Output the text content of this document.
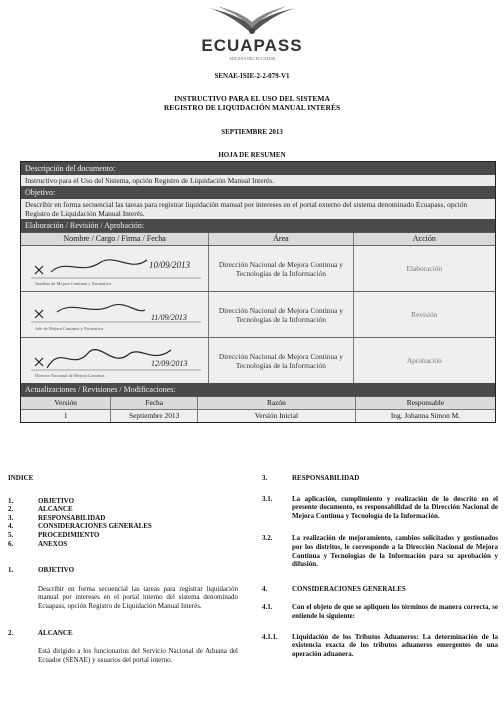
ECUAPASS
ADUANA DEL ECUADOR
SENAE-ISIE-2-2-079-V1
INSTRUCTIVO PARA EL USO DEL SISTEMA
REGISTRO DE LIQUIDACIÓN MANUAL INTERÉS
SEPTIEMBRE 2013
HOJA DE RESUMEN
Descripción del documento:
Instructivo para el Uso del Sistema, opción Registro de Liquidación Manual Interés.
Objetivo:
Describir en forma secuencial las tareas para registrar liquidación manual por intereses en el portal externo del sistema denominado Ecuapass, opción Registro de Liquidación Manual Interés.
Elaboración / Revisión / Aprobación:
Nombre / Cargo / Firma / Fecha	Área	Acción
10/09/2013
Analista de Mejora Continua y Normativa
Dirección Nacional de Mejora Continua y Tecnologías de la Información	Elaboración
11/09/2013
Jefe de Mejora Continua y Normativa
Dirección Nacional de Mejora Continua y Tecnologías de la Información	Revisión
12/09/2013
Director Nacional de Mejora Continua
Dirección Nacional de Mejora Continua y Tecnologías de la Información	Aprobación
Actualizaciones / Revisiones / Modificaciones:
Versión	Fecha	Razón	Responsable
1	Septiembre 2013	Versión Inicial	Ing. Johanna Simon M.
INDICE
1.	OBJETIVO
2.	ALCANCE
3.	RESPONSABILIDAD
4.	CONSIDERACIONES GENERALES
5.	PROCEDIMIENTO
6.	ANEXOS
1.	OBJETIVO
Describir en forma secuencial las tareas para registrar liquidación manual por intereses en el portal interno del sistema denominado Ecuapass, opción Registro de Liquidación Manual Interés.
2.	ALCANCE
Está dirigido a los funcionarios del Servicio Nacional de Aduana del Ecuador (SENAE) y usuarios del portal interno.
3.	RESPONSABILIDAD
3.1.	La aplicación, cumplimiento y realización de lo descrito en el presente documento, es responsabilidad de la Dirección Nacional de Mejora Continua y Tecnología de la Información.
3.2.	La realización de mejoramiento, cambios solicitados y gestionados por los distritos, le corresponde a la Dirección Nacional de Mejora Continua y Tecnologías de la Información para su aprobación y difusión.
4.	CONSIDERACIONES GENERALES
4.1.	Con el objeto de que se apliquen los términos de manera correcta, se entiende lo siguiente:
4.1.1.	Liquidación de los Tributos Aduaneros: La determinación de la existencia exacta de los tributos aduaneros emergentes de una operación aduanera.
